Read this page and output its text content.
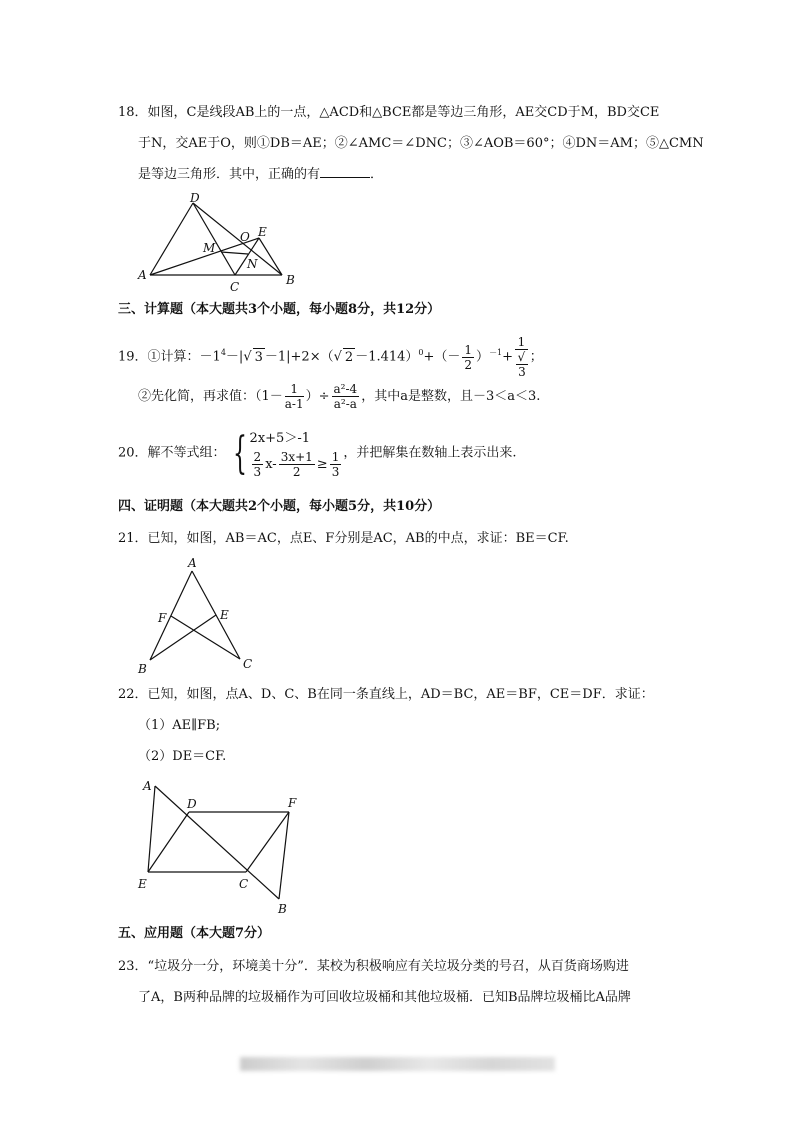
18．如图，C是线段AB上的一点，△ACD和△BCE都是等边三角形，AE交CD于M，BD交CE
于N，交AE于O，则①DB＝AE；②∠AMC＝∠DNC；③∠AOB＝60°；④DN＝AM；⑤△CMN
是等边三角形．其中，正确的有	．
D
M
O E
N
A
C	B
三、计算题（本大题共3个小题，每小题8分，共12分）
19．①计算：$-1^4-|√$ 3 －1|+2×（√ $2 -1.414)^0+(- \frac{1}{2} )^{-1}+ 1$
√
3 ；
②先化简，再求值：（$1- \frac{1}{a-1}$ ）÷ $\frac{\text{a²-4}}{\text{a²-a}}$ ，其中a是整数，且－3＜a＜3.
20．解不等式组： { 2x+5＞-1
$\frac{2}{3} x- \frac{3x+1}{2} \ge \frac{1}{3}$ ，并把解集在数轴上表示出来.
四、证明题（本大题共2个小题，每小题5分，共10分）
21．已知，如图，AB＝AC，点E、F分别是AC，AB的中点，求证：BE＝CF.
A
F	E
B	C
22．已知，如图，点A、D、C、B在同一条直线上，AD＝BC，AE＝BF，CE＝DF．求证：
（1）AE∥FB;
（2）DE＝CF.
A
D	F
E	C
B
五、应用题（本大题7分）
23．“垃圾分一分，环境美十分”．某校为积极响应有关垃圾分类的号召，从百货商场购进
了A，B两种品牌的垃圾桶作为可回收垃圾桶和其他垃圾桶．已知B品牌垃圾桶比A品牌
